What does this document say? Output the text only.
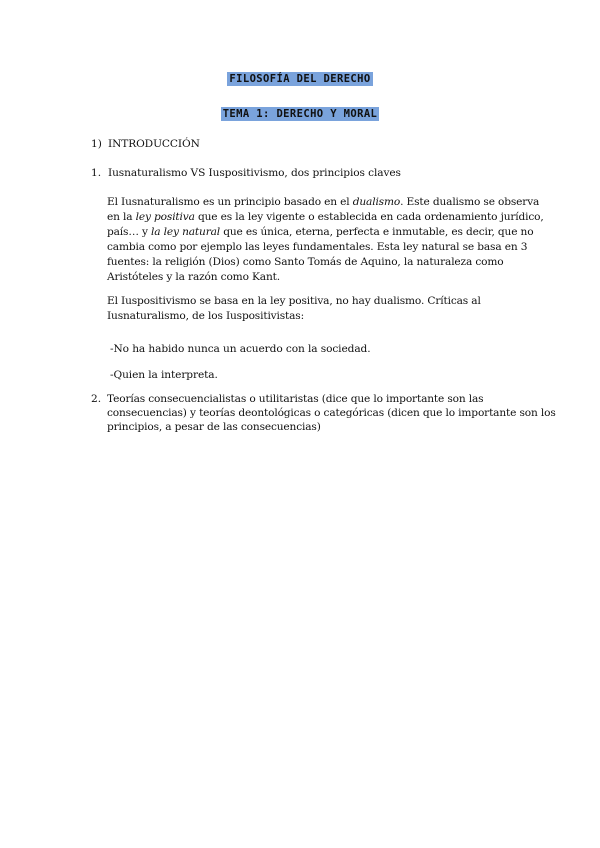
FILOSOFÍA DEL DERECHO
TEMA 1: DERECHO Y MORAL
1) INTRODUCCIÓN
1. Iusnaturalismo VS Iuspositivismo, dos principios claves

El Iusnaturalismo es un principio basado en el dualismo. Este dualismo se observa

en la ley positiva que es la ley vigente o establecida en cada ordenamiento jurídico,

país… y la ley natural que es única, eterna, perfecta e inmutable, es decir, que no

cambia como por ejemplo las leyes fundamentales. Esta ley natural se basa en 3

fuentes: la religión (Dios) como Santo Tomás de Aquino, la naturaleza como

Aristóteles y la razón como Kant.

El Iuspositivismo se basa en la ley positiva, no hay dualismo. Críticas al

Iusnaturalismo, de los Iuspositivistas:

-No ha habido nunca un acuerdo con la sociedad.
-Quien la interpreta.
2. Teorías consecuencialistas o utilitaristas (dice que lo importante son las

consecuencias) y teorías deontológicas o categóricas (dicen que lo importante son los

principios, a pesar de las consecuencias)
